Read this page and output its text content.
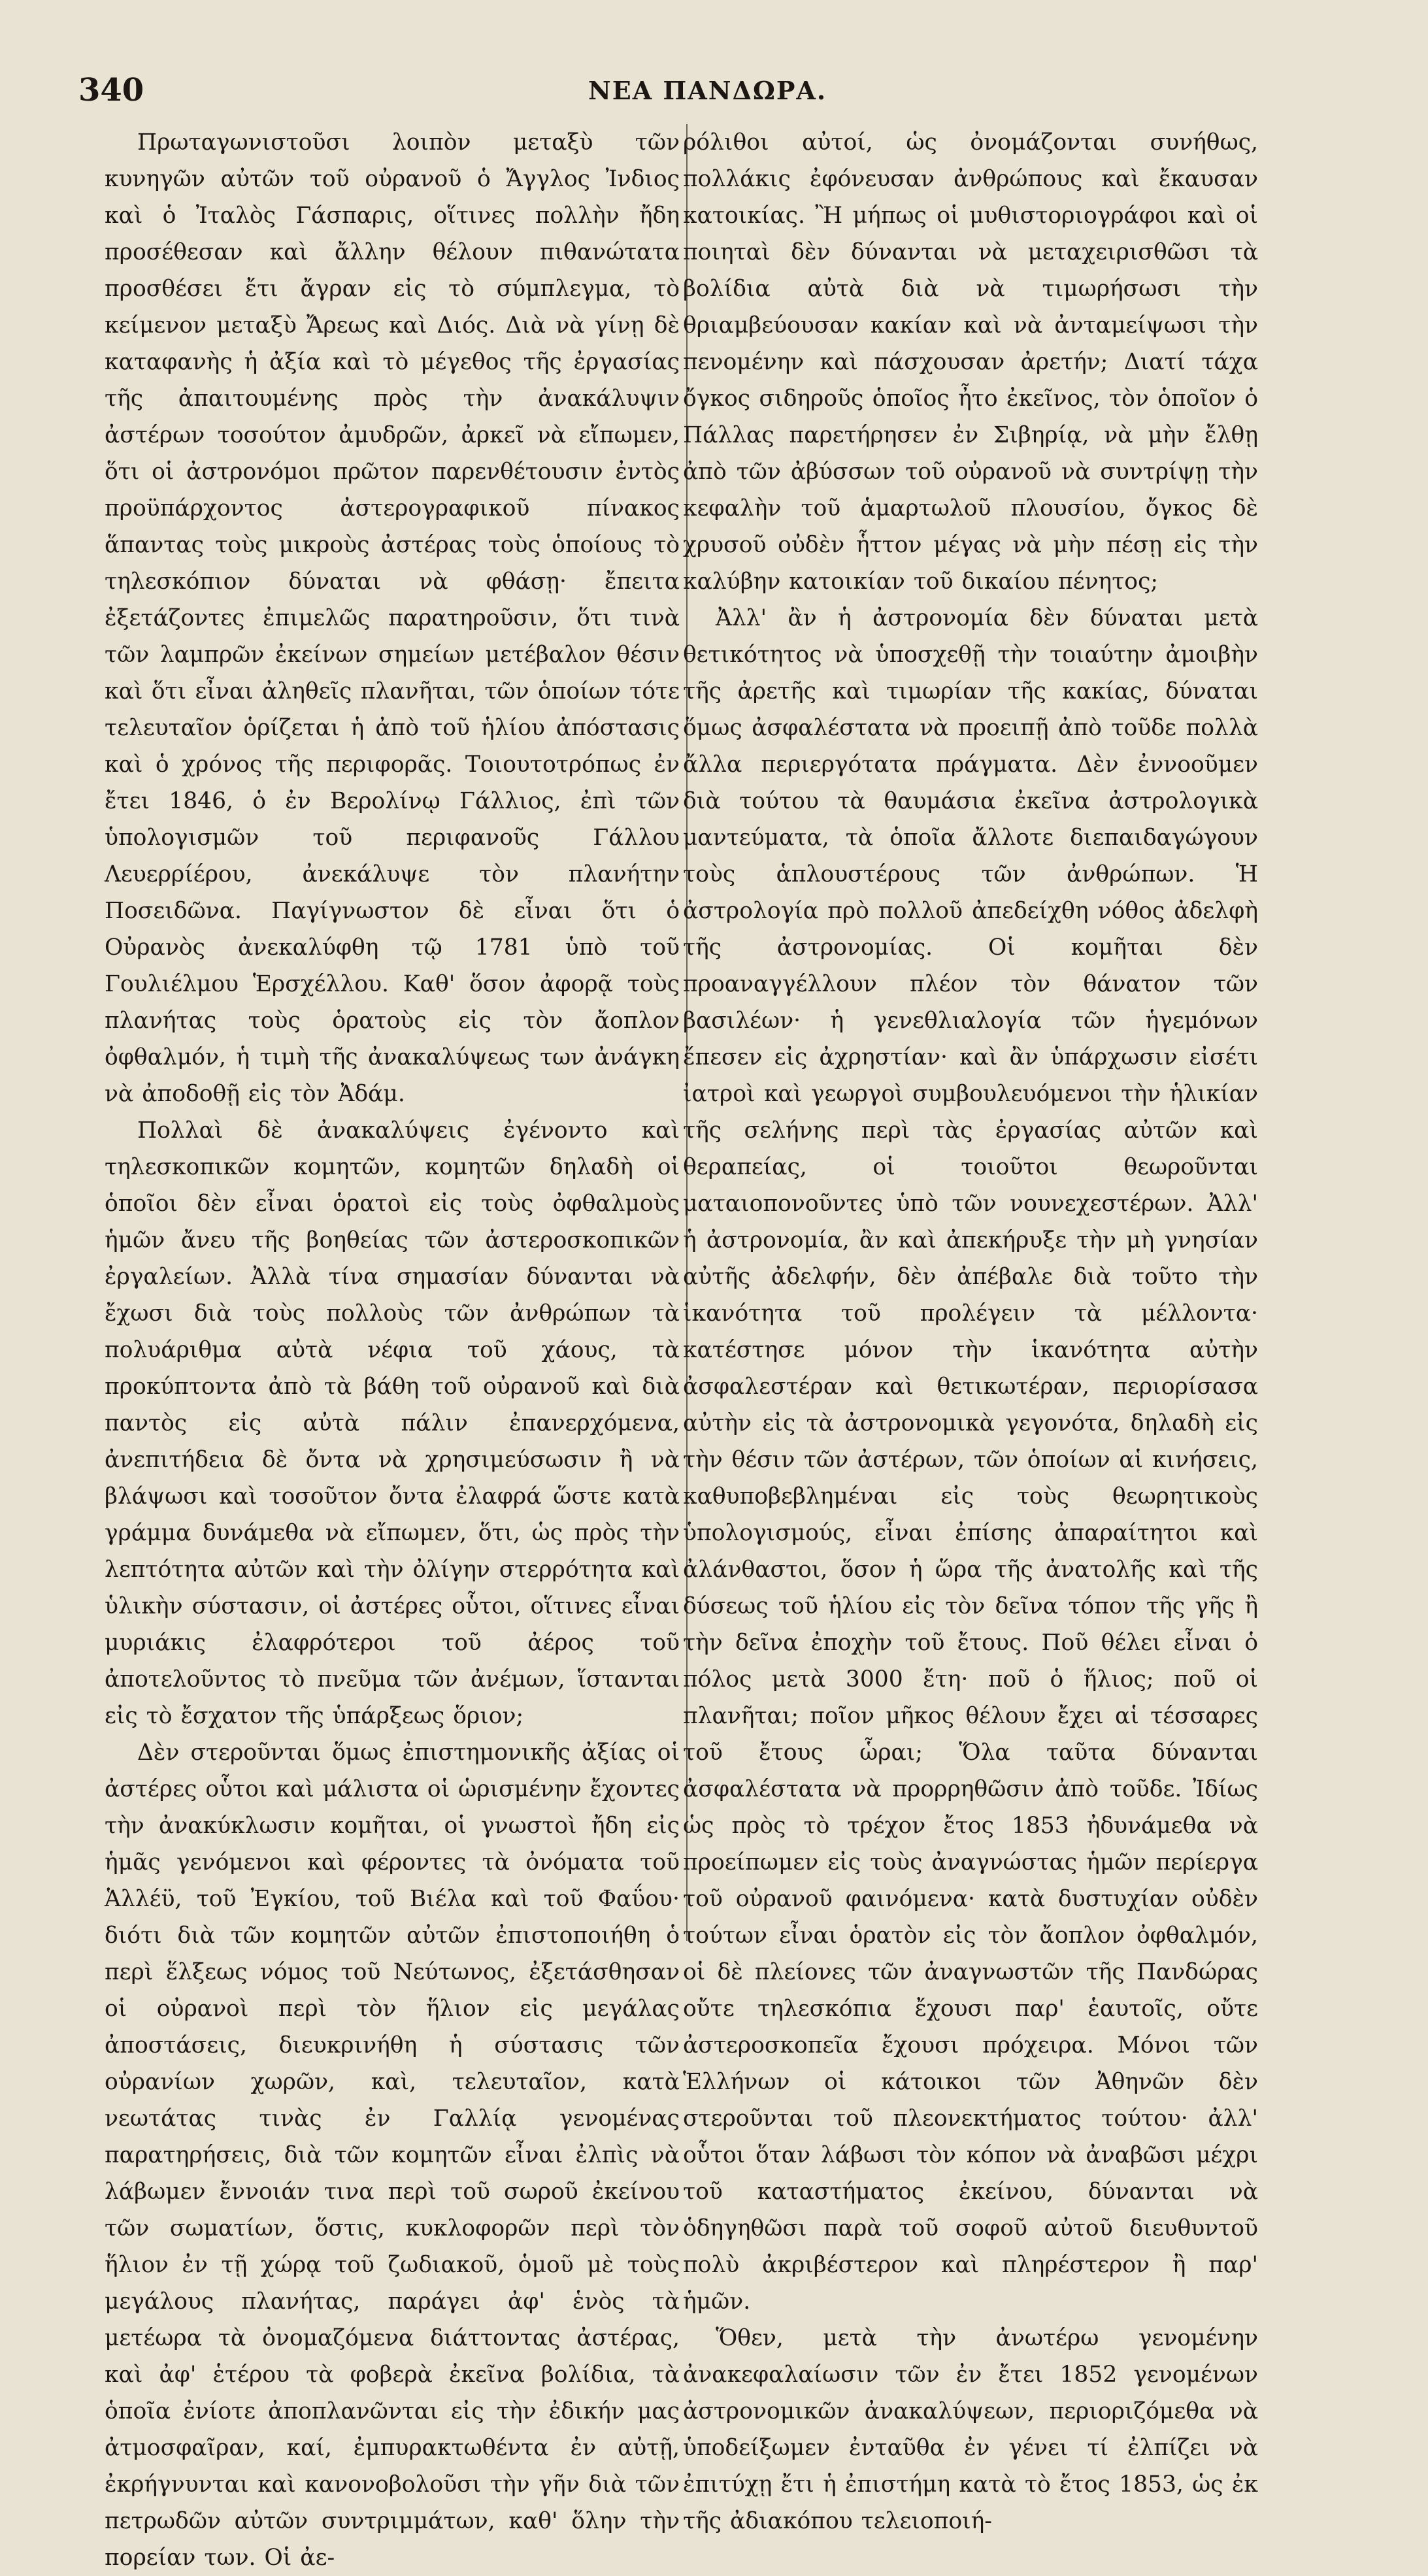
340	ΝΕΑ ΠΑΝΔΩΡΑ.

Πρωταγωνιστοῦσι λοιπὸν μεταξὺ τῶν κυνηγῶν αὐτῶν τοῦ οὐρανοῦ ὁ Ἄγγλος Ἰνδιος καὶ ὁ Ἰταλὸς Γάσπαρις, οἵτινες πολλὴν ἤδη προσέθεσαν καὶ ἄλλην θέλουν πιθανώτατα προσθέσει ἔτι ἄγραν εἰς τὸ σύμπλεγμα, τὸ κείμενον μεταξὺ Ἄρεως καὶ Διός. Διὰ νὰ γίνῃ δὲ καταφανὴς ἡ ἀξία καὶ τὸ μέγεθος τῆς ἐργασίας τῆς ἀπαιτουμένης πρὸς τὴν ἀνακάλυψιν ἀστέρων τοσούτον ἀμυδρῶν, ἀρκεῖ νὰ εἴπωμεν, ὅτι οἱ ἀστρονόμοι πρῶτον παρενθέτουσιν ἐντὸς προϋπάρχοντος ἀστερογραφικοῦ πίνακος ἅπαντας τοὺς μικροὺς ἀστέρας τοὺς ὁποίους τὸ τηλεσκόπιον δύναται νὰ φθάσῃ· ἔπειτα ἐξετάζοντες ἐπιμελῶς παρατηροῦσιν, ὅτι τινὰ τῶν λαμπρῶν ἐκείνων σημείων μετέβαλον θέσιν καὶ ὅτι εἶναι ἀληθεῖς πλανῆται, τῶν ὁποίων τότε τελευταῖον ὁρίζεται ἡ ἀπὸ τοῦ ἡλίου ἀπόστασις καὶ ὁ χρόνος τῆς περιφορᾶς. Τοιουτοτρόπως ἐν ἔτει 1846, ὁ ἐν Βερολίνῳ Γάλλιος, ἐπὶ τῶν ὑπολογισμῶν τοῦ περιφανοῦς Γάλλου Λευερρίέρου, ἀνεκάλυψε τὸν πλανήτην Ποσειδῶνα. Παγίγνωστον δὲ εἶναι ὅτι ὁ Οὐρανὸς ἀνεκαλύφθη τῷ 1781 ὑπὸ τοῦ Γουλιέλμου Ἑρσχέλλου. Καθ' ὅσον ἀφορᾷ τοὺς πλανήτας τοὺς ὁρατοὺς εἰς τὸν ἄοπλον ὀφθαλμόν, ἡ τιμὴ τῆς ἀνακαλύψεως των ἀνάγκη νὰ ἀποδοθῇ εἰς τὸν Ἀδάμ.

Πολλαὶ δὲ ἀνακαλύψεις ἐγένοντο καὶ τηλεσκοπικῶν κομητῶν, κομητῶν δηλαδὴ οἱ ὁποῖοι δὲν εἶναι ὁρατοὶ εἰς τοὺς ὀφθαλμοὺς ἡμῶν ἄνευ τῆς βοηθείας τῶν ἀστεροσκοπικῶν ἐργαλείων. Ἀλλὰ τίνα σημασίαν δύνανται νὰ ἔχωσι διὰ τοὺς πολλοὺς τῶν ἀνθρώπων τὰ πολυάριθμα αὐτὰ νέφια τοῦ χάους, τὰ προκύπτοντα ἀπὸ τὰ βάθη τοῦ οὐρανοῦ καὶ διὰ παντὸς εἰς αὐτὰ πάλιν ἐπανερχόμενα, ἀνεπιτήδεια δὲ ὄντα νὰ χρησιμεύσωσιν ἢ νὰ βλάψωσι καὶ τοσοῦτον ὄντα ἐλαφρά ὥστε κατὰ γράμμα δυνάμεθα νὰ εἴπωμεν, ὅτι, ὡς πρὸς τὴν λεπτότητα αὐτῶν καὶ τὴν ὀλίγην στερρότητα καὶ ὑλικὴν σύστασιν, οἱ ἀστέρες οὗτοι, οἵτινες εἶναι μυριάκις ἐλαφρότεροι τοῦ ἀέρος τοῦ ἀποτελοῦντος τὸ πνεῦμα τῶν ἀνέμων, ἵστανται εἰς τὸ ἔσχατον τῆς ὑπάρξεως ὅριον;

Δὲν στεροῦνται ὅμως ἐπιστημονικῆς ἀξίας οἱ ἀστέρες οὗτοι καὶ μάλιστα οἱ ὡρισμένην ἔχοντες τὴν ἀνακύκλωσιν κομῆται, οἱ γνωστοὶ ἤδη εἰς ἡμᾶς γενόμενοι καὶ φέροντες τὰ ὀνόματα τοῦ Ἁλλέϋ, τοῦ Ἐγκίου, τοῦ Βιέλα καὶ τοῦ Φαΰου· διότι διὰ τῶν κομητῶν αὐτῶν ἐπιστοποιήθη ὁ περὶ ἕλξεως νόμος τοῦ Νεύτωνος, ἐξετάσθησαν οἱ οὐρανοὶ περὶ τὸν ἥλιον εἰς μεγάλας ἀποστάσεις, διευκρινήθη ἡ σύστασις τῶν οὐρανίων χωρῶν, καὶ, τελευταῖον, κατὰ νεωτάτας τινὰς ἐν Γαλλίᾳ γενομένας παρατηρήσεις, διὰ τῶν κομητῶν εἶναι ἐλπὶς νὰ λάβωμεν ἔννοιάν τινα περὶ τοῦ σωροῦ ἐκείνου τῶν σωματίων, ὅστις, κυκλοφορῶν περὶ τὸν ἥλιον ἐν τῇ χώρᾳ τοῦ ζωδιακοῦ, ὁμοῦ μὲ τοὺς μεγάλους πλανήτας, παράγει ἀφ' ἑνὸς τὰ μετέωρα τὰ ὀνομαζόμενα διάττοντας ἀστέρας, καὶ ἀφ' ἑτέρου τὰ φοβερὰ ἐκεῖνα βολίδια, τὰ ὁποῖα ἐνίοτε ἀποπλανῶνται εἰς τὴν ἐδικήν μας ἀτμοσφαῖραν, καί, ἐμπυρακτωθέντα ἐν αὐτῇ, ἐκρήγνυνται καὶ κανονοβολοῦσι τὴν γῆν διὰ τῶν πετρωδῶν αὐτῶν συντριμμάτων, καθ' ὅλην τὴν πορείαν των. Οἱ ἀε-

ρόλιθοι αὐτοί, ὡς ὀνομάζονται συνήθως, πολλάκις ἐφόνευσαν ἀνθρώπους καὶ ἔκαυσαν κατοικίας. Ἢ μήπως οἱ μυθιστοριογράφοι καὶ οἱ ποιηταὶ δὲν δύνανται νὰ μεταχειρισθῶσι τὰ βολίδια αὐτὰ διὰ νὰ τιμωρήσωσι τὴν θριαμβεύουσαν κακίαν καὶ νὰ ἀνταμείψωσι τὴν πενομένην καὶ πάσχουσαν ἀρετήν; Διατί τάχα ὄγκος σιδηροῦς ὁποῖος ἦτο ἐκεῖνος, τὸν ὁποῖον ὁ Πάλλας παρετήρησεν ἐν Σιβηρίᾳ, νὰ μὴν ἔλθῃ ἀπὸ τῶν ἀβύσσων τοῦ οὐρανοῦ νὰ συντρίψῃ τὴν κεφαλὴν τοῦ ἁμαρτωλοῦ πλουσίου, ὄγκος δὲ χρυσοῦ οὐδὲν ἧττον μέγας νὰ μὴν πέσῃ εἰς τὴν καλύβην κατοικίαν τοῦ δικαίου πένητος;

Ἀλλ' ἂν ἡ ἀστρονομία δὲν δύναται μετὰ θετικότητος νὰ ὑποσχεθῇ τὴν τοιαύτην ἀμοιβὴν τῆς ἀρετῆς καὶ τιμωρίαν τῆς κακίας, δύναται ὅμως ἀσφαλέστατα νὰ προειπῇ ἀπὸ τοῦδε πολλὰ ἄλλα περιεργότατα πράγματα. Δὲν ἐννοοῦμεν διὰ τούτου τὰ θαυμάσια ἐκεῖνα ἀστρολογικὰ μαντεύματα, τὰ ὁποῖα ἄλλοτε διεπαιδαγώγουν τοὺς ἁπλουστέρους τῶν ἀνθρώπων. Ἡ ἀστρολογία πρὸ πολλοῦ ἀπεδείχθη νόθος ἀδελφὴ τῆς ἀστρονομίας. Οἱ κομῆται δὲν προαναγγέλλουν πλέον τὸν θάνατον τῶν βασιλέων· ἡ γενεθλιαλογία τῶν ἡγεμόνων ἔπεσεν εἰς ἀχρηστίαν· καὶ ἂν ὑπάρχωσιν εἰσέτι ἰατροὶ καὶ γεωργοὶ συμβουλευόμενοι τὴν ἡλικίαν τῆς σελήνης περὶ τὰς ἐργασίας αὐτῶν καὶ θεραπείας, οἱ τοιοῦτοι θεωροῦνται ματαιοπονοῦντες ὑπὸ τῶν νουνεχεστέρων. Ἀλλ' ἡ ἀστρονομία, ἂν καὶ ἀπεκήρυξε τὴν μὴ γνησίαν αὐτῆς ἀδελφήν, δὲν ἀπέβαλε διὰ τοῦτο τὴν ἱκανότητα τοῦ προλέγειν τὰ μέλλοντα· κατέστησε μόνον τὴν ἱκανότητα αὐτὴν ἀσφαλεστέραν καὶ θετικωτέραν, περιορίσασα αὐτὴν εἰς τὰ ἀστρονομικὰ γεγονότα, δηλαδὴ εἰς τὴν θέσιν τῶν ἀστέρων, τῶν ὁποίων αἱ κινήσεις, καθυποβεβλημέναι εἰς τοὺς θεωρητικοὺς ὑπολογισμούς, εἶναι ἐπίσης ἀπαραίτητοι καὶ ἀλάνθαστοι, ὅσον ἡ ὥρα τῆς ἀνατολῆς καὶ τῆς δύσεως τοῦ ἡλίου εἰς τὸν δεῖνα τόπον τῆς γῆς ἢ τὴν δεῖνα ἐποχὴν τοῦ ἔτους. Ποῦ θέλει εἶναι ὁ πόλος μετὰ 3000 ἔτη· ποῦ ὁ ἥλιος; ποῦ οἱ πλανῆται; ποῖον μῆκος θέλουν ἔχει αἱ τέσσαρες τοῦ ἔτους ὧραι; Ὅλα ταῦτα δύνανται ἀσφαλέστατα νὰ προρρηθῶσιν ἀπὸ τοῦδε. Ἰδίως ὡς πρὸς τὸ τρέχον ἔτος 1853 ἠδυνάμεθα νὰ προείπωμεν εἰς τοὺς ἀναγνώστας ἡμῶν περίεργα τοῦ οὐρανοῦ φαινόμενα· κατὰ δυστυχίαν οὐδὲν τούτων εἶναι ὁρατὸν εἰς τὸν ἄοπλον ὀφθαλμόν, οἱ δὲ πλείονες τῶν ἀναγνωστῶν τῆς Πανδώρας οὔτε τηλεσκόπια ἔχουσι παρ' ἑαυτοῖς, οὔτε ἀστεροσκοπεῖα ἔχουσι πρόχειρα. Μόνοι τῶν Ἑλλήνων οἱ κάτοικοι τῶν Ἀθηνῶν δὲν στεροῦνται τοῦ πλεονεκτήματος τούτου· ἀλλ' οὗτοι ὅταν λάβωσι τὸν κόπον νὰ ἀναβῶσι μέχρι τοῦ καταστήματος ἐκείνου, δύνανται νὰ ὁδηγηθῶσι παρὰ τοῦ σοφοῦ αὐτοῦ διευθυντοῦ πολὺ ἀκριβέστερον καὶ πληρέστερον ἢ παρ' ἡμῶν.

Ὅθεν, μετὰ τὴν ἀνωτέρω γενομένην ἀνακεφαλαίωσιν τῶν ἐν ἔτει 1852 γενομένων ἀστρονομικῶν ἀνακαλύψεων, περιοριζόμεθα νὰ ὑποδείξωμεν ἐνταῦθα ἐν γένει τί ἐλπίζει νὰ ἐπιτύχῃ ἔτι ἡ ἐπιστήμη κατὰ τὸ ἔτος 1853, ὡς ἐκ τῆς ἀδιακόπου τελειοποιή-
